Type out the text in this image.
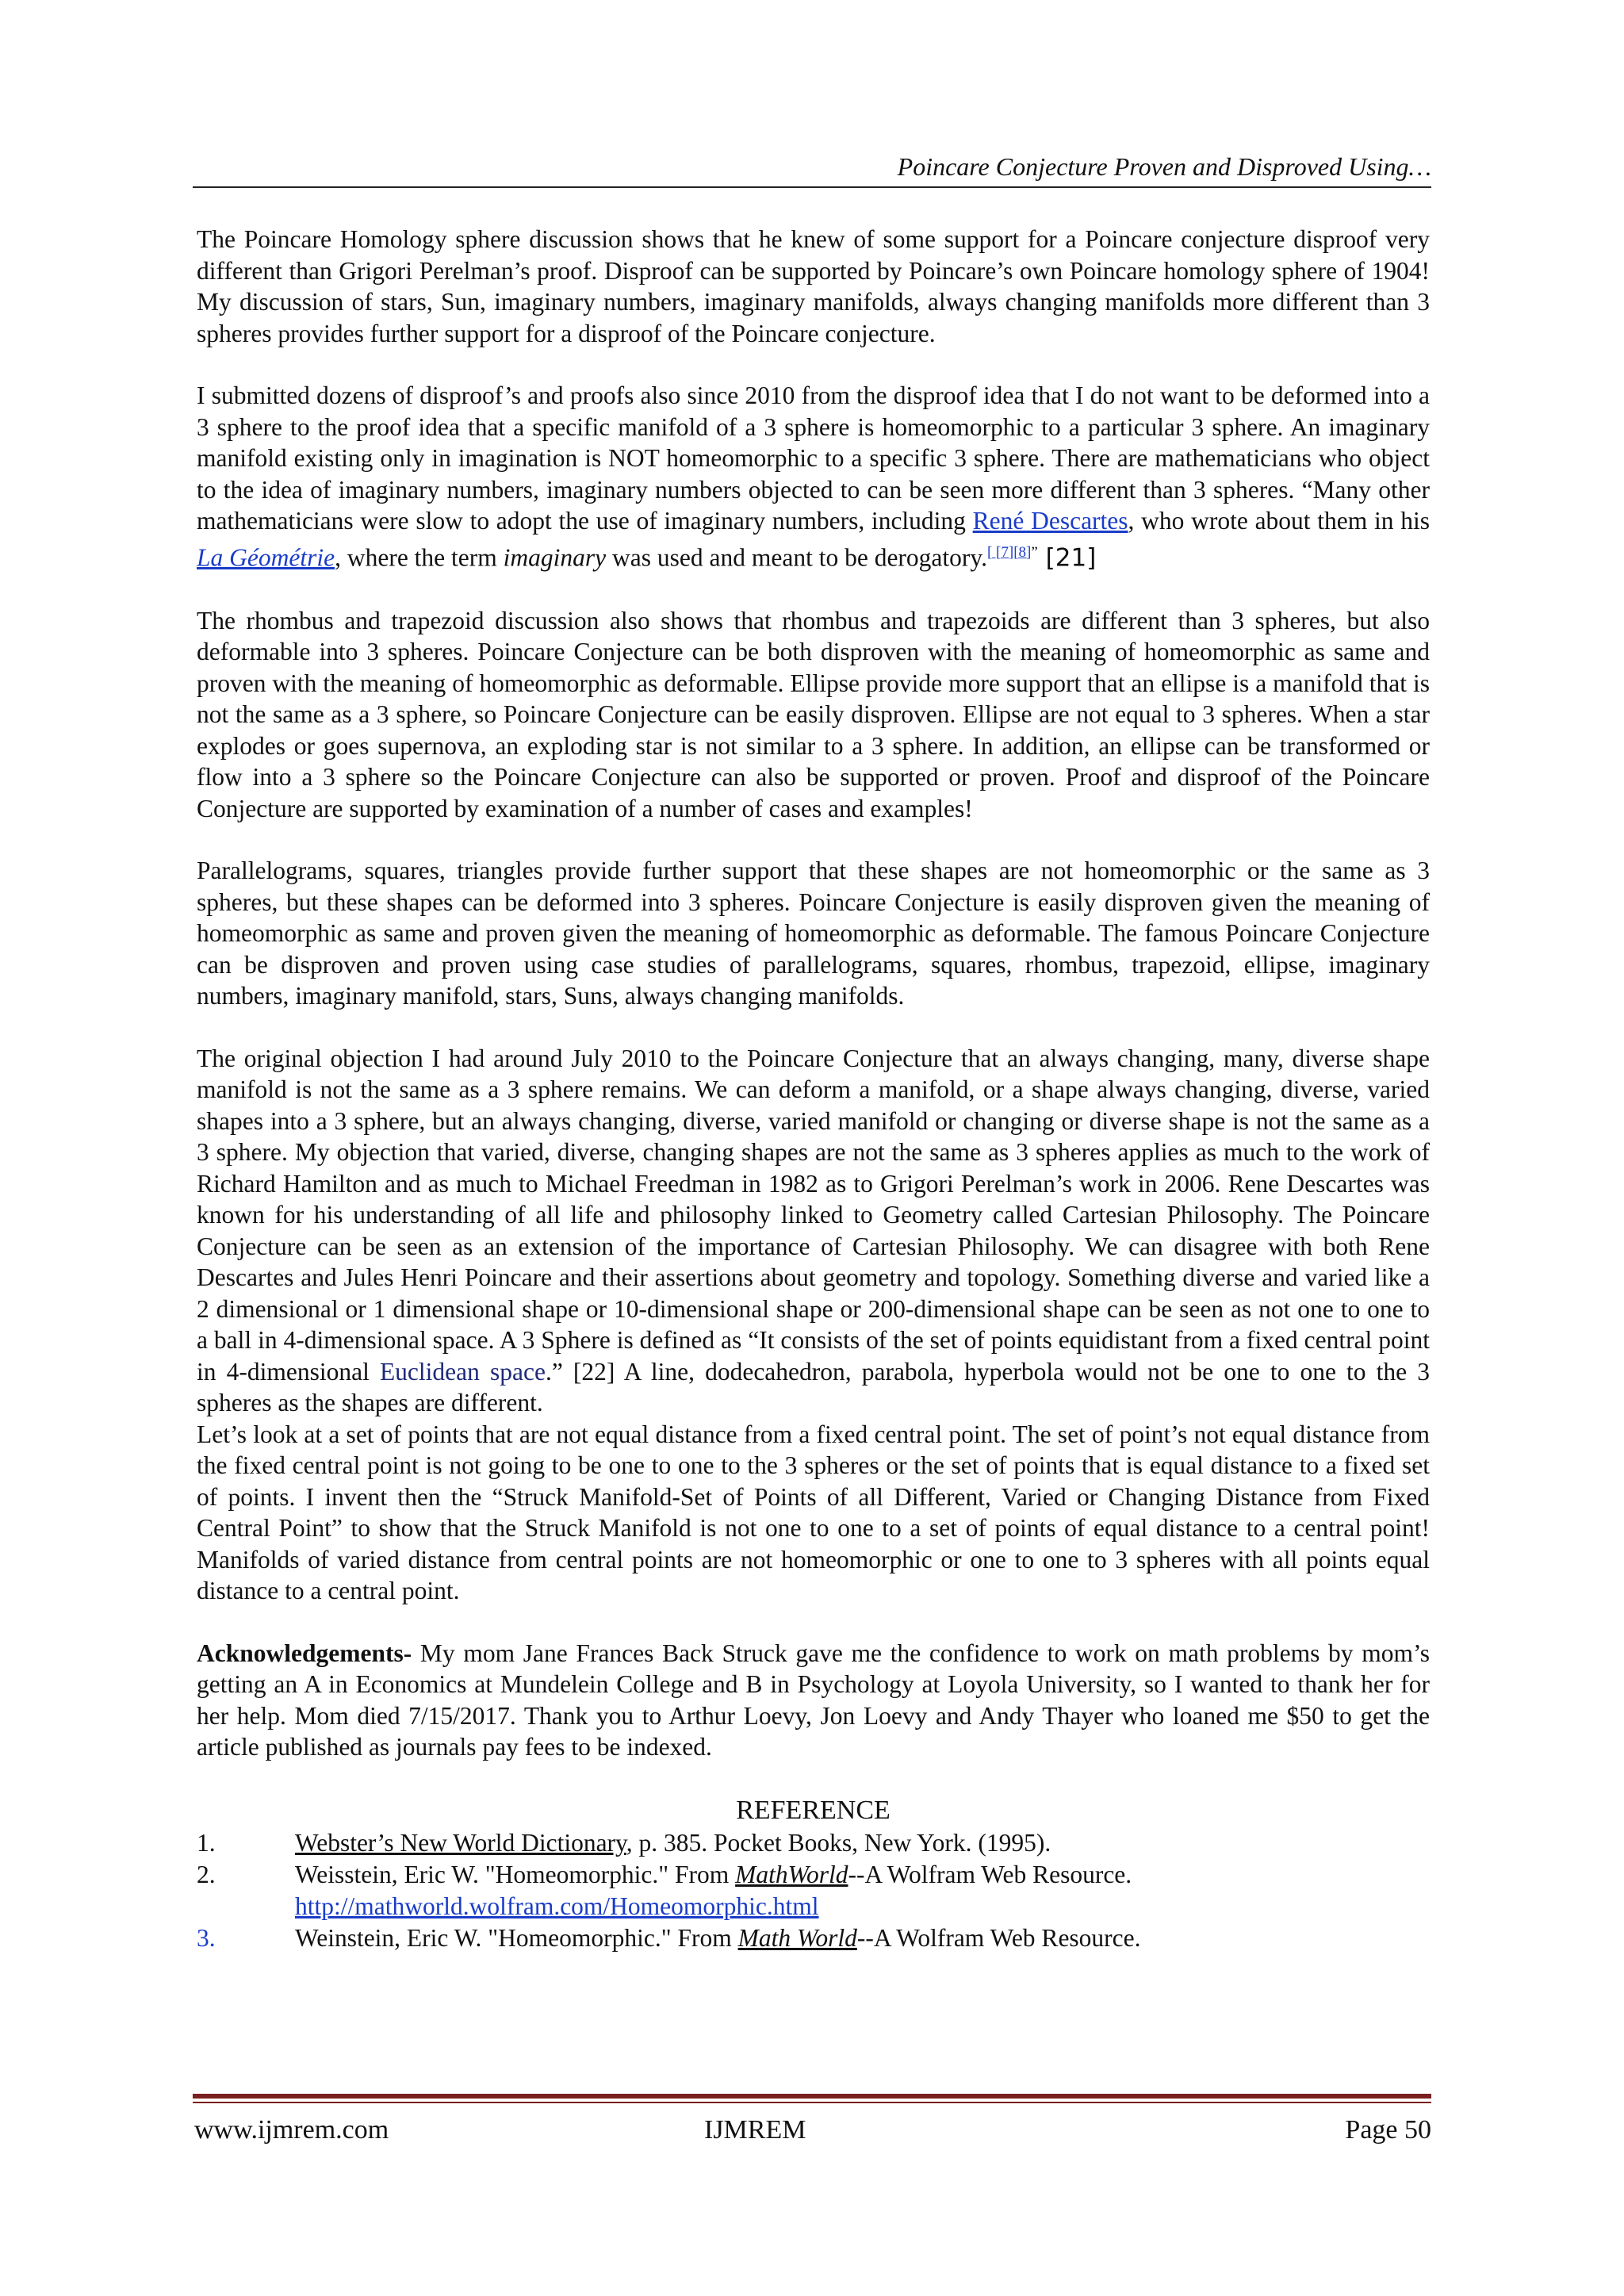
Poincare Conjecture Proven and Disproved Using…

The Poincare Homology sphere discussion shows that he knew of some support for a Poincare conjecture disproof very different than Grigori Perelman’s proof. Disproof can be supported by Poincare’s own Poincare homology sphere of 1904! My discussion of stars, Sun, imaginary numbers, imaginary manifolds, always changing manifolds more different than 3 spheres provides further support for a disproof of the Poincare conjecture.

I submitted dozens of disproof’s and proofs also since 2010 from the disproof idea that I do not want to be deformed into a 3 sphere to the proof idea that a specific manifold of a 3 sphere is homeomorphic to a particular 3 sphere. An imaginary manifold existing only in imagination is NOT homeomorphic to a specific 3 sphere. There are mathematicians who object to the idea of imaginary numbers, imaginary numbers objected to can be seen more different than 3 spheres. “Many other mathematicians were slow to adopt the use of imaginary numbers, including René Descartes, who wrote about them in his La Géométrie, where the term imaginary was used and meant to be derogatory.$^{[ [7][8]”}$ [21]

The rhombus and trapezoid discussion also shows that rhombus and trapezoids are different than 3 spheres, but also deformable into 3 spheres. Poincare Conjecture can be both disproven with the meaning of homeomorphic as same and proven with the meaning of homeomorphic as deformable. Ellipse provide more support that an ellipse is a manifold that is not the same as a 3 sphere, so Poincare Conjecture can be easily disproven. Ellipse are not equal to 3 spheres. When a star explodes or goes supernova, an exploding star is not similar to a 3 sphere. In addition, an ellipse can be transformed or flow into a 3 sphere so the Poincare Conjecture can also be supported or proven. Proof and disproof of the Poincare Conjecture are supported by examination of a number of cases and examples!

Parallelograms, squares, triangles provide further support that these shapes are not homeomorphic or the same as 3 spheres, but these shapes can be deformed into 3 spheres. Poincare Conjecture is easily disproven given the meaning of homeomorphic as same and proven given the meaning of homeomorphic as deformable. The famous Poincare Conjecture can be disproven and proven using case studies of parallelograms, squares, rhombus, trapezoid, ellipse, imaginary numbers, imaginary manifold, stars, Suns, always changing manifolds.

The original objection I had around July 2010 to the Poincare Conjecture that an always changing, many, diverse shape manifold is not the same as a 3 sphere remains. We can deform a manifold, or a shape always changing, diverse, varied shapes into a 3 sphere, but an always changing, diverse, varied manifold or changing or diverse shape is not the same as a 3 sphere. My objection that varied, diverse, changing shapes are not the same as 3 spheres applies as much to the work of Richard Hamilton and as much to Michael Freedman in 1982 as to Grigori Perelman’s work in 2006. Rene Descartes was known for his understanding of all life and philosophy linked to Geometry called Cartesian Philosophy. The Poincare Conjecture can be seen as an extension of the importance of Cartesian Philosophy. We can disagree with both Rene Descartes and Jules Henri Poincare and their assertions about geometry and topology. Something diverse and varied like a 2 dimensional or 1 dimensional shape or 10-dimensional shape or 200-dimensional shape can be seen as not one to one to a ball in 4-dimensional space. A 3 Sphere is defined as “It consists of the set of points equidistant from a fixed central point in 4-dimensional Euclidean space.” [22] A line, dodecahedron, parabola, hyperbola would not be one to one to the 3 spheres as the shapes are different.

Let’s look at a set of points that are not equal distance from a fixed central point. The set of point’s not equal distance from the fixed central point is not going to be one to one to the 3 spheres or the set of points that is equal distance to a fixed set of points. I invent then the “Struck Manifold-Set of Points of all Different, Varied or Changing Distance from Fixed Central Point” to show that the Struck Manifold is not one to one to a set of points of equal distance to a central point! Manifolds of varied distance from central points are not homeomorphic or one to one to 3 spheres with all points equal distance to a central point.

Acknowledgements- My mom Jane Frances Back Struck gave me the confidence to work on math problems by mom’s getting an A in Economics at Mundelein College and B in Psychology at Loyola University, so I wanted to thank her for her help. Mom died 7/15/2017. Thank you to Arthur Loevy, Jon Loevy and Andy Thayer who loaned me $50 to get the article published as journals pay fees to be indexed.

REFERENCE
1.	Webster’s New World Dictionary, p. 385. Pocket Books, New York. (1995).
2.	Weisstein, Eric W. "Homeomorphic." From MathWorld--A Wolfram Web Resource.
http://mathworld.wolfram.com/Homeomorphic.html
3.	Weinstein, Eric W. "Homeomorphic." From Math World--A Wolfram Web Resource.
www.ijmrem.com	IJMREM	Page 50
